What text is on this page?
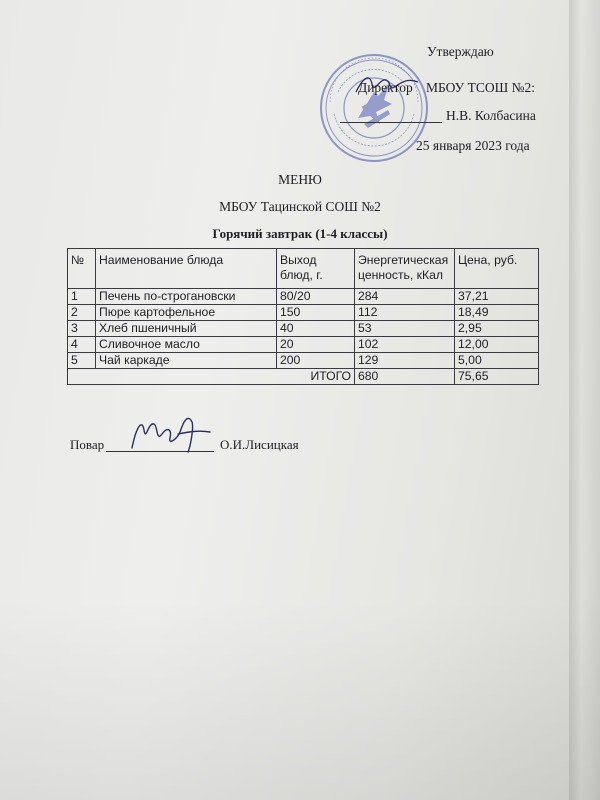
Утверждаю
Директор МБОУ ТСОШ №2:
Н.В. Колбасина
25 января 2023 года
МЕНЮ
МБОУ Тацинской СОШ №2
Горячий завтрак (1-4 классы)
№	Наименование блюда	Выход блюд, г.	Энергетическая ценность, кКал	Цена, руб.
1	Печень по-строгановски	80/20	284	37,21
2	Пюре картофельное	150	112	18,49
3	Хлеб пшеничный	40	53	2,95
4	Сливочное масло	20	102	12,00
5	Чай каркаде	200	129	5,00
ИТОГО			680	75,65
Повар	О.И.Лисицкая
